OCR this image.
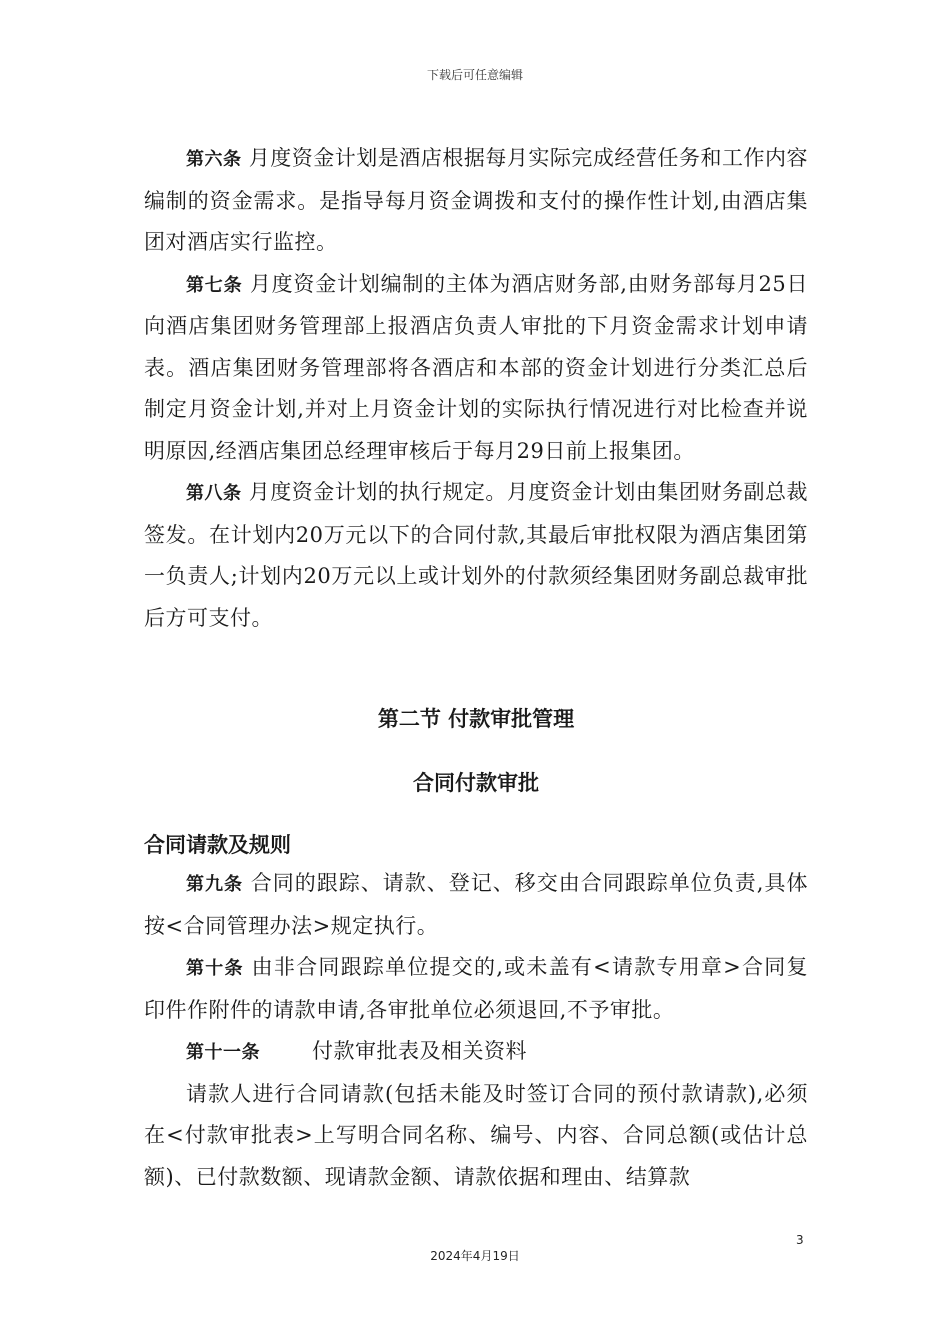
下载后可任意编辑

第六条 月度资金计划是酒店根据每月实际完成经营任务和工作内容编制的资金需求。是指导每月资金调拨和支付的操作性计划,由酒店集团对酒店实行监控。

第七条 月度资金计划编制的主体为酒店财务部,由财务部每月25日向酒店集团财务管理部上报酒店负责人审批的下月资金需求计划申请表。酒店集团财务管理部将各酒店和本部的资金计划进行分类汇总后制定月资金计划,并对上月资金计划的实际执行情况进行对比检查并说明原因,经酒店集团总经理审核后于每月29日前上报集团。

第八条 月度资金计划的执行规定。月度资金计划由集团财务副总裁签发。在计划内20万元以下的合同付款,其最后审批权限为酒店集团第一负责人;计划内20万元以上或计划外的付款须经集团财务副总裁审批后方可支付。

第二节 付款审批管理

合同付款审批

合同请款及规则

第九条 合同的跟踪、请款、登记、移交由合同跟踪单位负责,具体按<合同管理办法>规定执行。

第十条 由非合同跟踪单位提交的,或未盖有<请款专用章>合同复印件作附件的请款申请,各审批单位必须退回,不予审批。

第十一条 付款审批表及相关资料

请款人进行合同请款(包括未能及时签订合同的预付款请款),必须在<付款审批表>上写明合同名称、编号、内容、合同总额(或估计总额)、已付款数额、现请款金额、请款依据和理由、结算款

3
2024年4月19日
